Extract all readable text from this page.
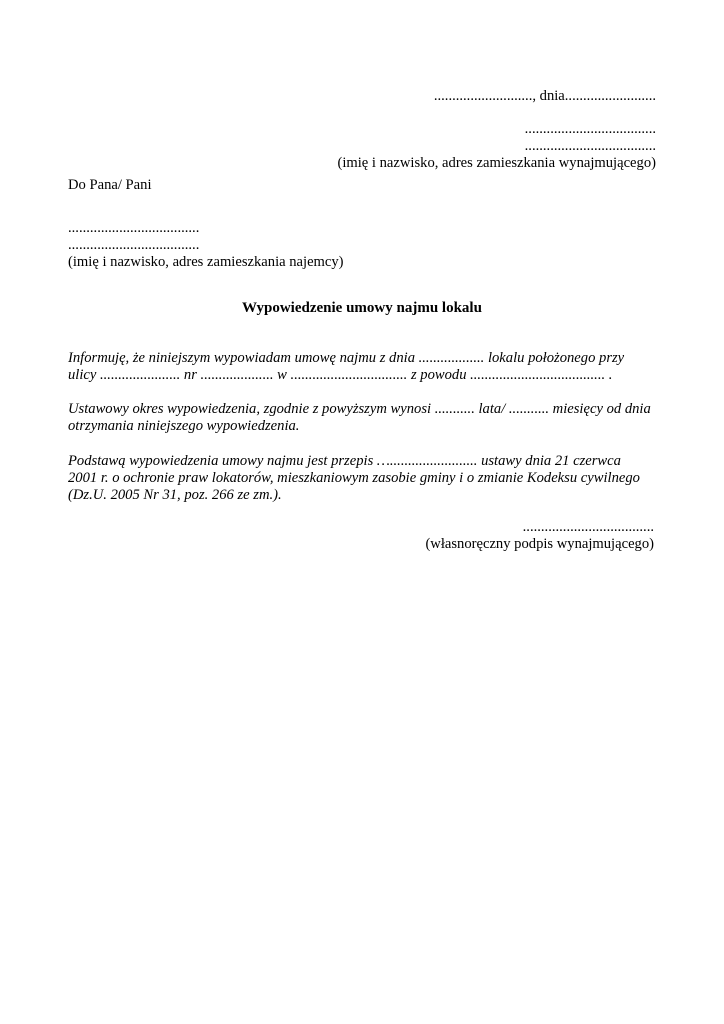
..........................., dnia.........................
....................................
....................................
(imię i nazwisko, adres zamieszkania wynajmującego)
Do Pana/ Pani
....................................
....................................
(imię i nazwisko, adres zamieszkania najemcy)
Wypowiedzenie umowy najmu lokalu
Informuję, że niniejszym wypowiadam umowę najmu z dnia .................. lokalu położonego przy
ulicy ...................... nr .................... w ................................ z powodu ..................................... .
Ustawowy okres wypowiedzenia, zgodnie z powyższym wynosi ........... lata/ ........... miesięcy od dnia
otrzymania niniejszego wypowiedzenia.
Podstawą wypowiedzenia umowy najmu jest przepis …........................ ustawy dnia 21 czerwca
2001 r. o ochronie praw lokatorów, mieszkaniowym zasobie gminy i o zmianie Kodeksu cywilnego
(Dz.U. 2005 Nr 31, poz. 266 ze zm.).
....................................
(własnoręczny podpis wynajmującego)
